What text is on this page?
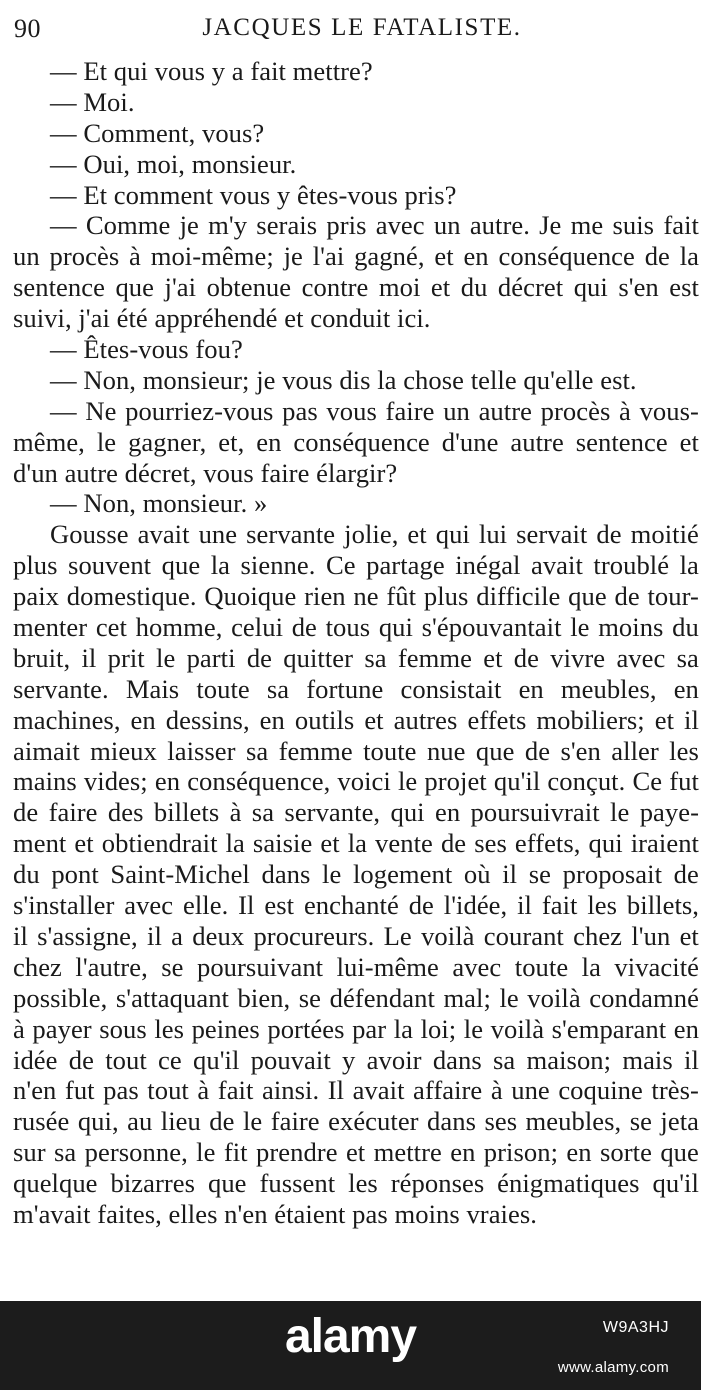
90	JACQUES LE FATALISTE.
— Et qui vous y a fait mettre?
— Moi.
— Comment, vous?
— Oui, moi, monsieur.
— Et comment vous y êtes-vous pris?
— Comme je m'y serais pris avec un autre. Je me suis fait
un procès à moi-même; je l'ai gagné, et en conséquence de la
sentence que j'ai obtenue contre moi et du décret qui s'en est
suivi, j'ai été appréhendé et conduit ici.
— Êtes-vous fou?
— Non, monsieur; je vous dis la chose telle qu'elle est.
— Ne pourriez-vous pas vous faire un autre procès à vous-
même, le gagner, et, en conséquence d'une autre sentence et
d'un autre décret, vous faire élargir?
— Non, monsieur. »
Gousse avait une servante jolie, et qui lui servait de moitié
plus souvent que la sienne. Ce partage inégal avait troublé la
paix domestique. Quoique rien ne fût plus difficile que de tour-
menter cet homme, celui de tous qui s'épouvantait le moins du
bruit, il prit le parti de quitter sa femme et de vivre avec sa
servante. Mais toute sa fortune consistait en meubles, en
machines, en dessins, en outils et autres effets mobiliers; et il
aimait mieux laisser sa femme toute nue que de s'en aller les
mains vides; en conséquence, voici le projet qu'il conçut. Ce fut
de faire des billets à sa servante, qui en poursuivrait le paye-
ment et obtiendrait la saisie et la vente de ses effets, qui iraient
du pont Saint-Michel dans le logement où il se proposait de
s'installer avec elle. Il est enchanté de l'idée, il fait les billets,
il s'assigne, il a deux procureurs. Le voilà courant chez l'un et
chez l'autre, se poursuivant lui-même avec toute la vivacité
possible, s'attaquant bien, se défendant mal; le voilà condamné
à payer sous les peines portées par la loi; le voilà s'emparant en
idée de tout ce qu'il pouvait y avoir dans sa maison; mais il
n'en fut pas tout à fait ainsi. Il avait affaire à une coquine très-
rusée qui, au lieu de le faire exécuter dans ses meubles, se jeta
sur sa personne, le fit prendre et mettre en prison; en sorte que
quelque bizarres que fussent les réponses énigmatiques qu'il
m'avait faites, elles n'en étaient pas moins vraies.
alamy	W9A3HJ
www.alamy.com
